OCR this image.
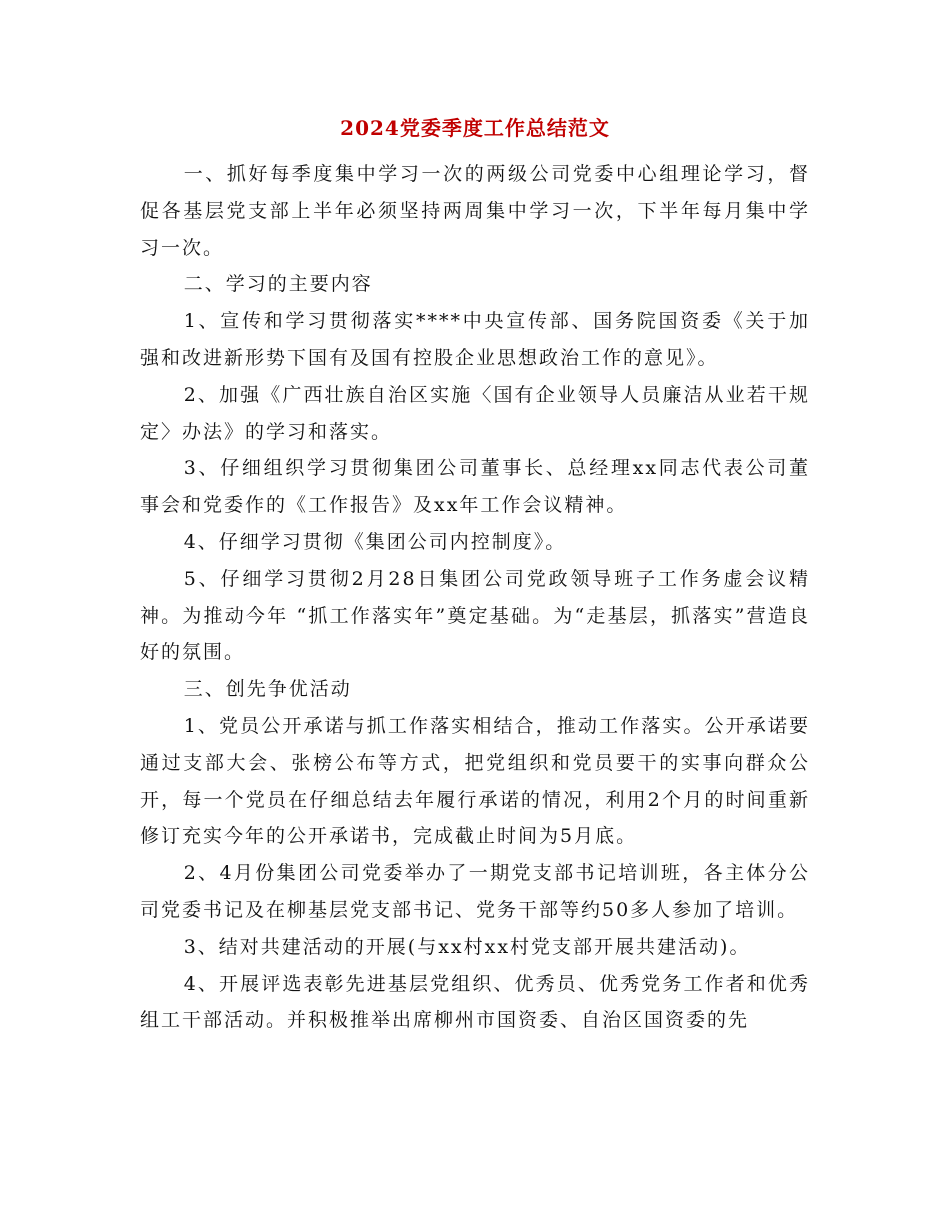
2024党委季度工作总结范文

一、抓好每季度集中学习一次的两级公司党委中心组理论学习，督促各基层党支部上半年必须坚持两周集中学习一次，下半年每月集中学习一次。

二、学习的主要内容

1、宣传和学习贯彻落实****中央宣传部、国务院国资委《关于加强和改进新形势下国有及国有控股企业思想政治工作的意见》。

2、加强《广西壮族自治区实施〈国有企业领导人员廉洁从业若干规定〉办法》的学习和落实。

3、仔细组织学习贯彻集团公司董事长、总经理xx同志代表公司董事会和党委作的《工作报告》及xx年工作会议精神。

4、仔细学习贯彻《集团公司内控制度》。

5、仔细学习贯彻2月28日集团公司党政领导班子工作务虚会议精神。为推动今年 “抓工作落实年”奠定基础。为“走基层，抓落实”营造良好的氛围。

三、创先争优活动

1、党员公开承诺与抓工作落实相结合，推动工作落实。公开承诺要通过支部大会、张榜公布等方式，把党组织和党员要干的实事向群众公开，每一个党员在仔细总结去年履行承诺的情况，利用2个月的时间重新修订充实今年的公开承诺书，完成截止时间为5月底。

2、4月份集团公司党委举办了一期党支部书记培训班，各主体分公司党委书记及在柳基层党支部书记、党务干部等约50多人参加了培训。

3、结对共建活动的开展(与xx村xx村党支部开展共建活动)。

4、开展评选表彰先进基层党组织、优秀员、优秀党务工作者和优秀组工干部活动。并积极推举出席柳州市国资委、自治区国资委的先
